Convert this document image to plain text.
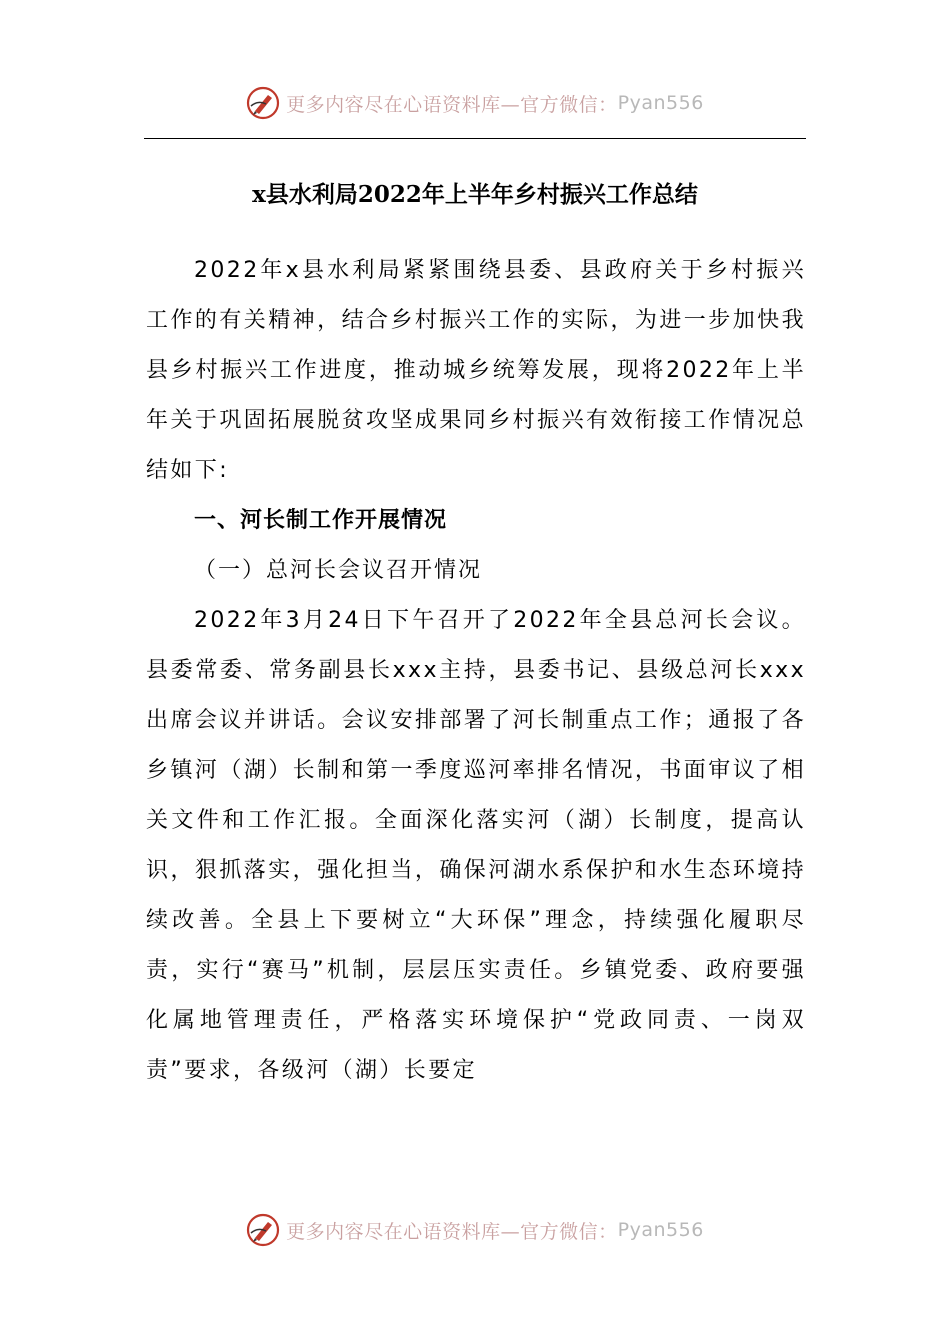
更多内容尽在心语资料库—官方微信： Pyan556
x县水利局2022年上半年乡村振兴工作总结

2022年x县水利局紧紧围绕县委、县政府关于乡村振兴工作的有关精神，结合乡村振兴工作的实际，为进一步加快我县乡村振兴工作进度，推动城乡统筹发展，现将2022年上半年关于巩固拓展脱贫攻坚成果同乡村振兴有效衔接工作情况总结如下:

一、河长制工作开展情况
（一）总河长会议召开情况

2022年3月24日下午召开了2022年全县总河长会议。县委常委、常务副县长xxx主持，县委书记、县级总河长xxx出席会议并讲话。会议安排部署了河长制重点工作；通报了各乡镇河（湖）长制和第一季度巡河率排名情况，书面审议了相关文件和工作汇报。全面深化落实河（湖）长制度，提高认识，狠抓落实，强化担当，确保河湖水系保护和水生态环境持续改善。全县上下要树立“大环保”理念，持续强化履职尽责，实行“赛马”机制，层层压实责任。乡镇党委、政府要强化属地管理责任，严格落实环境保护“党政同责、一岗双责”要求，各级河（湖）长要定

更多内容尽在心语资料库—官方微信： Pyan556
